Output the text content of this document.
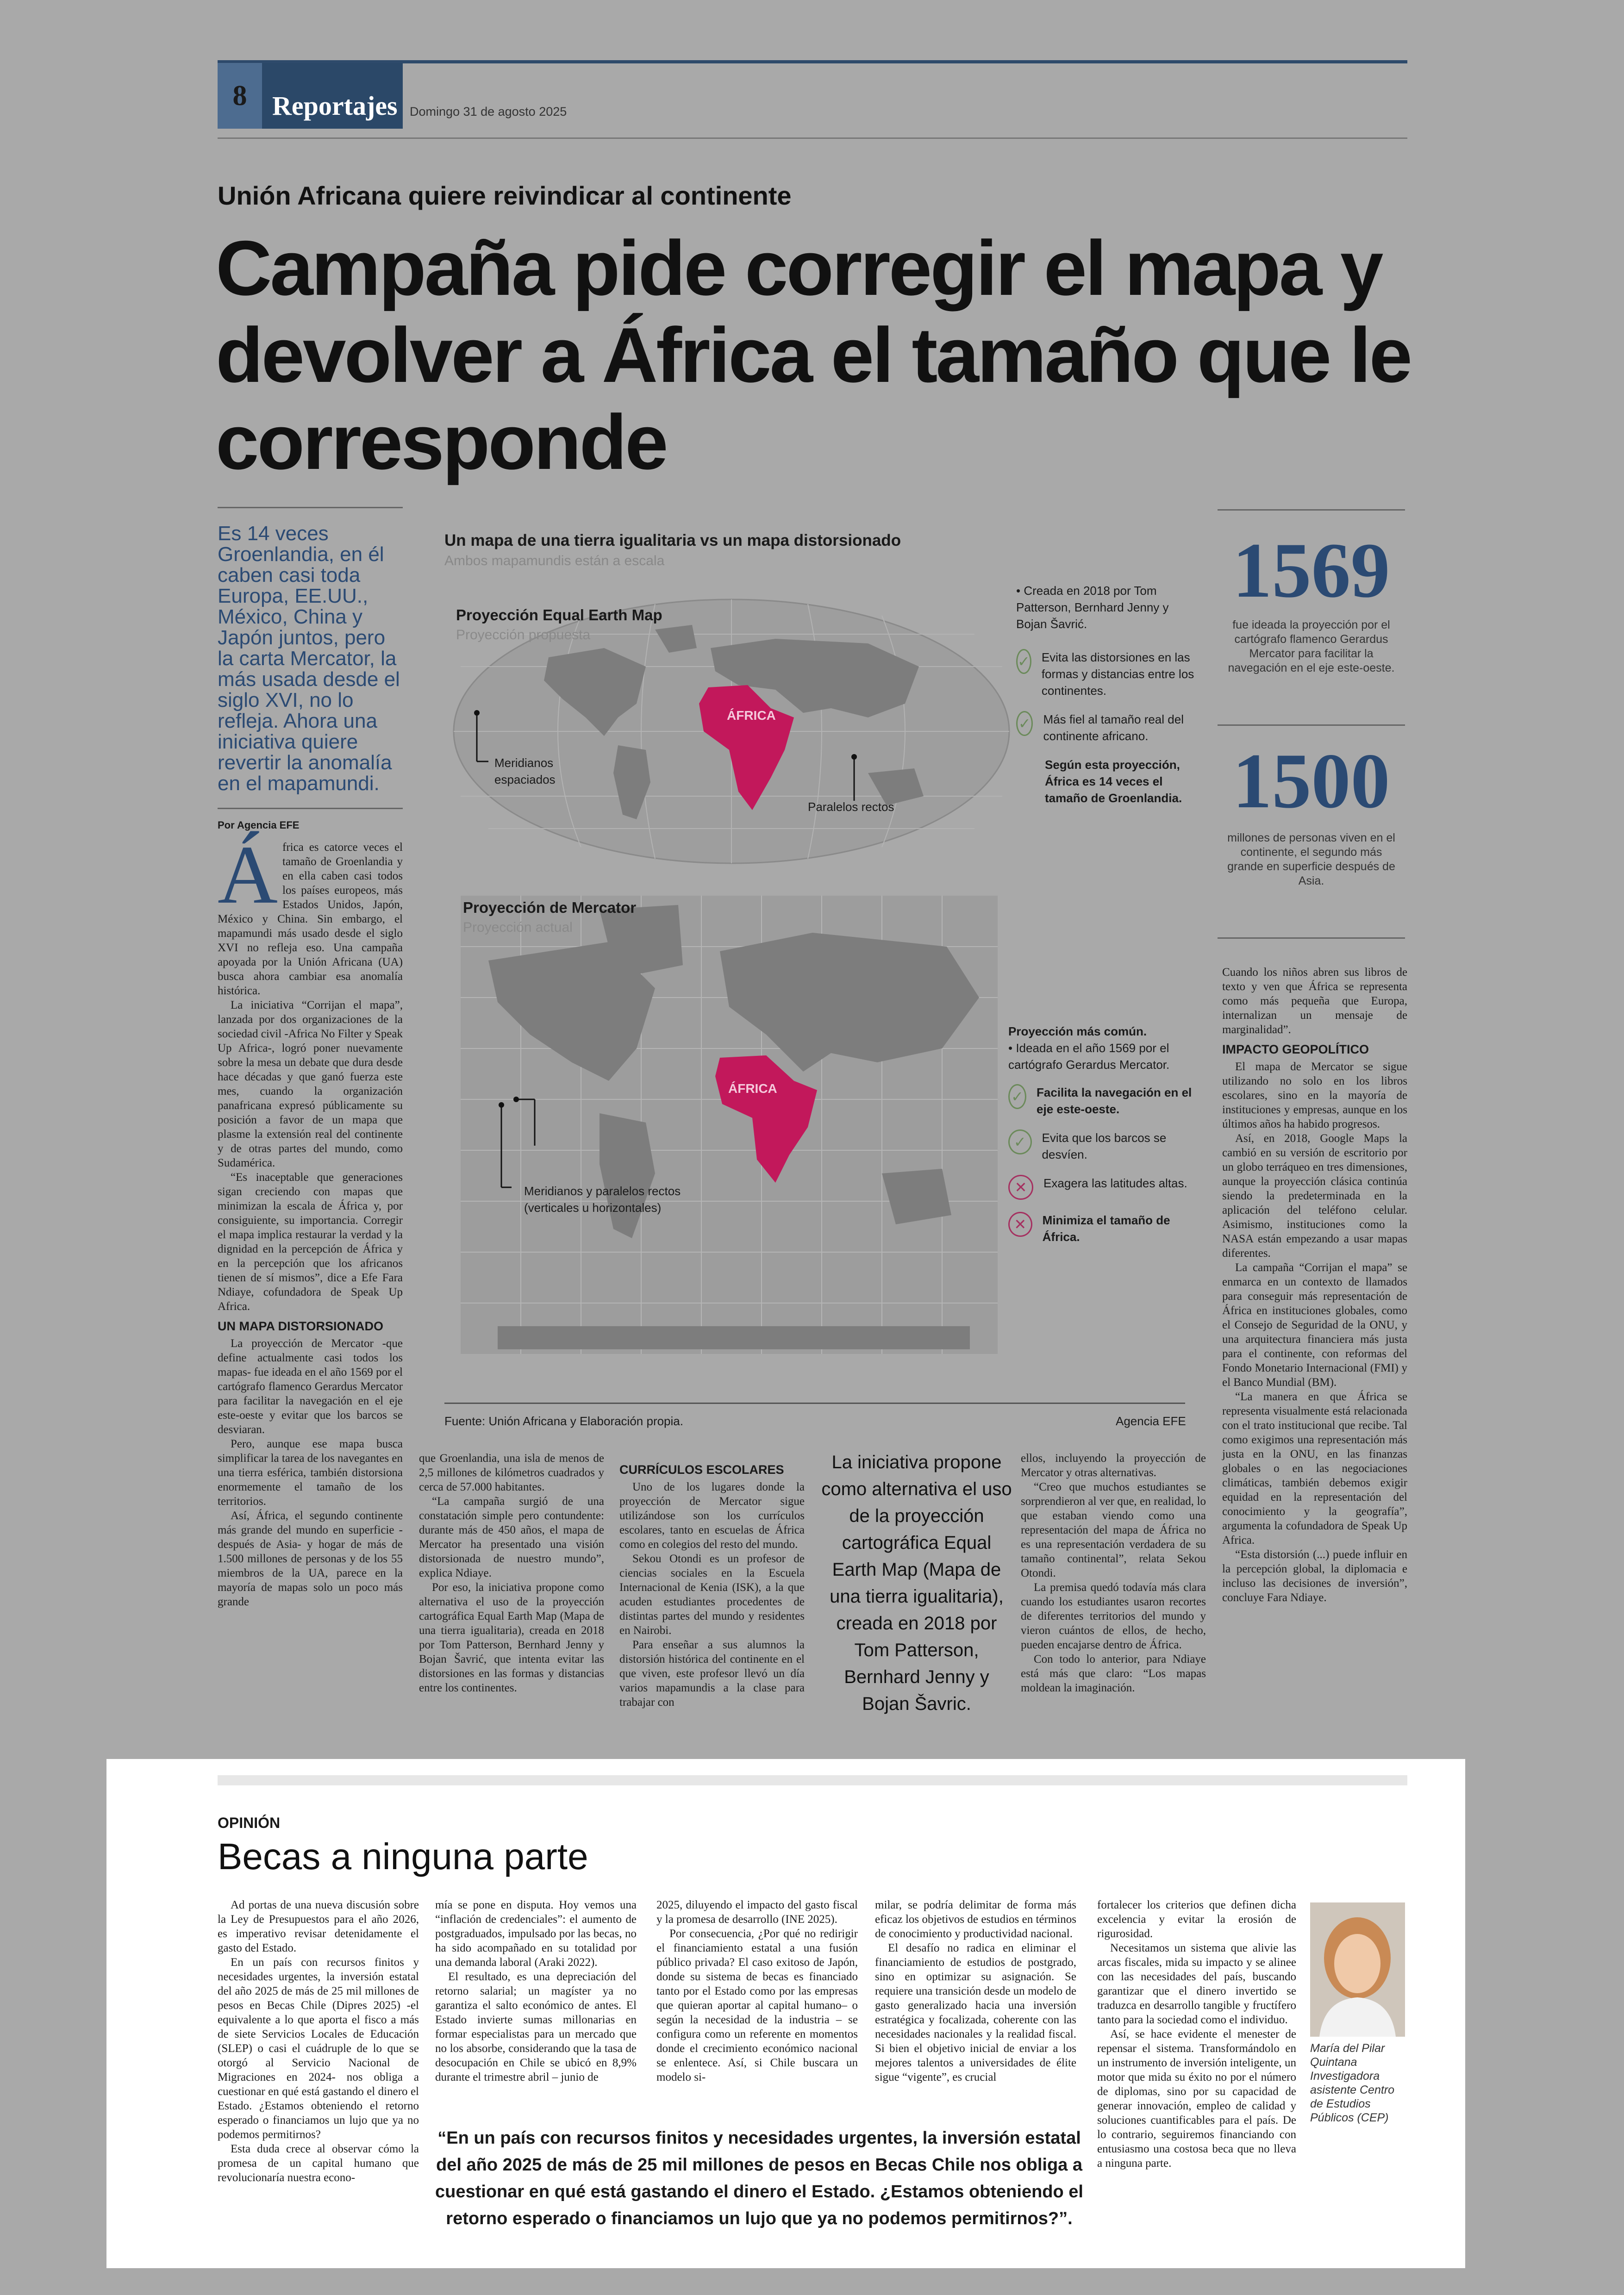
8 Reportajes Domingo 31 de agosto 2025
Unión Africana quiere reivindicar al continente
Campaña pide corregir el mapa y devolver a África el tamaño que le corresponde
Es 14 veces Groenlandia, en él caben casi toda Europa, EE.UU., México, China y Japón juntos, pero la carta Mercator, la más usada desde el siglo XVI, no lo refleja. Ahora una iniciativa quiere revertir la anomalía en el mapamundi.
Por Agencia EFE
Á frica es catorce veces el tamaño de Groenlandia y en ella caben casi todos los países europeos, más Estados Unidos, Japón, México y China. Sin embargo, el mapamundi más usado desde el siglo XVI no refleja eso. Una campaña apoyada por la Unión Africana (UA) busca ahora cambiar esa anomalía histórica.

La iniciativa “Corrijan el mapa”, lanzada por dos organizaciones de la sociedad civil -Africa No Filter y Speak Up Africa-, logró poner nuevamente sobre la mesa un debate que dura desde hace décadas y que ganó fuerza este mes, cuando la organización panafricana expresó públicamente su posición a favor de un mapa que plasme la extensión real del continente y de otras partes del mundo, como Sudamérica.

“Es inaceptable que generaciones sigan creciendo con mapas que minimizan la escala de África y, por consiguiente, su importancia. Corregir el mapa implica restaurar la verdad y la dignidad en la percepción de África y en la percepción que los africanos tienen de sí mismos”, dice a Efe Fara Ndiaye, cofundadora de Speak Up Africa.

UN MAPA DISTORSIONADO

La proyección de Mercator -que define actualmente casi todos los mapas- fue ideada en el año 1569 por el cartógrafo flamenco Gerardus Mercator para facilitar la navegación en el eje este-oeste y evitar que los barcos se desviaran.

Pero, aunque ese mapa busca simplificar la tarea de los navegantes en una tierra esférica, también distorsiona enormemente el tamaño de los territorios.

Así, África, el segundo continente más grande del mundo en superficie -después de Asia- y hogar de más de 1.500 millones de personas y de los 55 miembros de la UA, parece en la mayoría de mapas solo un poco más grande

Un mapa de una tierra igualitaria vs un mapa distorsionado
Ambos mapamundis están a escala
ÁFRICA
Proyección Equal Earth Map
Proyección propuesta
Meridianos espaciados
Paralelos rectos
• Creada en 2018 por Tom Patterson, Bernhard Jenny y Bojan Šavrić.
✓ Evita las distorsiones en las formas y distancias entre los continentes.
✓ Más fiel al tamaño real del continente africano.
Según esta proyección, África es 14 veces el tamaño de Groenlandia.
ÁFRICA
Proyección de Mercator
Proyección actual
Meridianos y paralelos rectos (verticales u horizontales)
Proyección más común.
• Ideada en el año 1569 por el cartógrafo Gerardus Mercator.
✓ Facilita la navegación en el eje este-oeste.
✓	Evita que los barcos se desvíen.
✕	Exagera las latitudes altas.
✕	Minimiza el tamaño de África.
Fuente: Unión Africana y Elaboración propia.	Agencia EFE
1569
fue ideada la proyección por el cartógrafo flamenco Gerardus Mercator para facilitar la navegación en el eje este-oeste.
1500
millones de personas viven en el continente, el segundo más grande en superficie después de Asia.
Cuando los niños abren sus libros de texto y ven que África se representa como más pequeña que Europa, internalizan un mensaje de marginalidad”.
IMPACTO GEOPOLÍTICO

El mapa de Mercator se sigue utilizando no solo en los libros escolares, sino en la mayoría de instituciones y empresas, aunque en los últimos años ha habido progresos.

Así, en 2018, Google Maps la cambió en su versión de escritorio por un globo terráqueo en tres dimensiones, aunque la proyección clásica continúa siendo la predeterminada en la aplicación del teléfono celular. Asimismo, instituciones como la NASA están empezando a usar mapas diferentes.

La campaña “Corrijan el mapa” se enmarca en un contexto de llamados para conseguir más representación de África en instituciones globales, como el Consejo de Seguridad de la ONU, y una arquitectura financiera más justa para el continente, con reformas del Fondo Monetario Internacional (FMI) y el Banco Mundial (BM).

“La manera en que África se representa visualmente está relacionada con el trato institucional que recibe. Tal como exigimos una representación más justa en la ONU, en las finanzas globales o en las negociaciones climáticas, también debemos exigir equidad en la representación del conocimiento y la geografía”, argumenta la cofundadora de Speak Up Africa.

“Esta distorsión (...) puede influir en la percepción global, la diplomacia e incluso las decisiones de inversión”, concluye Fara Ndiaye.

que Groenlandia, una isla de menos de 2,5 millones de kilómetros cuadrados y cerca de 57.000 habitantes.

“La campaña surgió de una constatación simple pero contundente: durante más de 450 años, el mapa de Mercator ha presentado una visión distorsionada de nuestro mundo”, explica Ndiaye.

Por eso, la iniciativa propone como alternativa el uso de la proyección cartográfica Equal Earth Map (Mapa de una tierra igualitaria), creada en 2018 por Tom Patterson, Bernhard Jenny y Bojan Šavrić, que intenta evitar las distorsiones en las formas y distancias entre los continentes.

CURRÍCULOS ESCOLARES

Uno de los lugares donde la proyección de Mercator sigue utilizándose son los currículos escolares, tanto en escuelas de África como en colegios del resto del mundo.

Sekou Otondi es un profesor de ciencias sociales en la Escuela Internacional de Kenia (ISK), a la que acuden estudiantes procedentes de distintas partes del mundo y residentes en Nairobi.

Para enseñar a sus alumnos la distorsión histórica del continente en el que viven, este profesor llevó un día varios mapamundis a la clase para trabajar con

La iniciativa propone como alternativa el uso de la proyección cartográfica Equal Earth Map (Mapa de una tierra igualitaria), creada en 2018 por Tom Patterson, Bernhard Jenny y Bojan Šavric.
ellos, incluyendo la proyección de Mercator y otras alternativas.

“Creo que muchos estudiantes se sorprendieron al ver que, en realidad, lo que estaban viendo como una representación del mapa de África no es una representación verdadera de su tamaño continental”, relata Sekou Otondi.

La premisa quedó todavía más clara cuando los estudiantes usaron recortes de diferentes territorios del mundo y vieron cuántos de ellos, de hecho, pueden encajarse dentro de África.

Con todo lo anterior, para Ndiaye está más que claro: “Los mapas moldean la imaginación.

OPINIÓN
Becas a ninguna parte

Ad portas de una nueva discusión sobre la Ley de Presupuestos para el año 2026, es imperativo revisar detenidamente el gasto del Estado.

En un país con recursos finitos y necesidades urgentes, la inversión estatal del año 2025 de más de 25 mil millones de pesos en Becas Chile (Dipres 2025) -el equivalente a lo que aporta el fisco a más de siete Servicios Locales de Educación (SLEP) o casi el cuádruple de lo que se otorgó al Servicio Nacional de Migraciones en 2024- nos obliga a cuestionar en qué está gastando el dinero el Estado. ¿Estamos obteniendo el retorno esperado o financiamos un lujo que ya no podemos permitirnos?

Esta duda crece al observar cómo la promesa de un capital humano que revolucionaría nuestra econo-

mía se pone en disputa. Hoy vemos una “inflación de credenciales”: el aumento de postgraduados, impulsado por las becas, no ha sido acompañado en su totalidad por una demanda laboral (Araki 2022).

El resultado, es una depreciación del retorno salarial; un magíster ya no garantiza el salto económico de antes. El Estado invierte sumas millonarias en formar especialistas para un mercado que no los absorbe, considerando que la tasa de desocupación en Chile se ubicó en 8,9% durante el trimestre abril – junio de

2025, diluyendo el impacto del gasto fiscal y la promesa de desarrollo (INE 2025).

Por consecuencia, ¿Por qué no redirigir el financiamiento estatal a una fusión público privada? El caso exitoso de Japón, donde su sistema de becas es financiado tanto por el Estado como por las empresas que quieran aportar al capital humano– o según la necesidad de la industria – se configura como un referente en momentos donde el crecimiento económico nacional se enlentece. Así, si Chile buscara un modelo si-

milar, se podría delimitar de forma más eficaz los objetivos de estudios en términos de conocimiento y productividad nacional.

El desafío no radica en eliminar el financiamiento de estudios de postgrado, sino en optimizar su asignación. Se requiere una transición desde un modelo de gasto generalizado hacia una inversión estratégica y focalizada, coherente con las necesidades nacionales y la realidad fiscal. Si bien el objetivo inicial de enviar a los mejores talentos a universidades de élite sigue “vigente”, es crucial

fortalecer los criterios que definen dicha excelencia y evitar la erosión de rigurosidad.

Necesitamos un sistema que alivie las arcas fiscales, mida su impacto y se alinee con las necesidades del país, buscando garantizar que el dinero invertido se traduzca en desarrollo tangible y fructífero tanto para la sociedad como el individuo.

Así, se hace evidente el menester de repensar el sistema. Transformándolo en un instrumento de inversión inteligente, un motor que mida su éxito no por el número de diplomas, sino por su capacidad de generar innovación, empleo de calidad y soluciones cuantificables para el país. De lo contrario, seguiremos financiando con entusiasmo una costosa beca que no lleva a ninguna parte.

“En un país con recursos finitos y necesidades urgentes, la inversión estatal del año 2025 de más de 25 mil millones de pesos en Becas Chile nos obliga a cuestionar en qué está gastando el dinero el Estado. ¿Estamos obteniendo el retorno esperado o financiamos un lujo que ya no podemos permitirnos?”.
María del Pilar Quintana Investigadora asistente Centro de Estudios Públicos (CEP)
